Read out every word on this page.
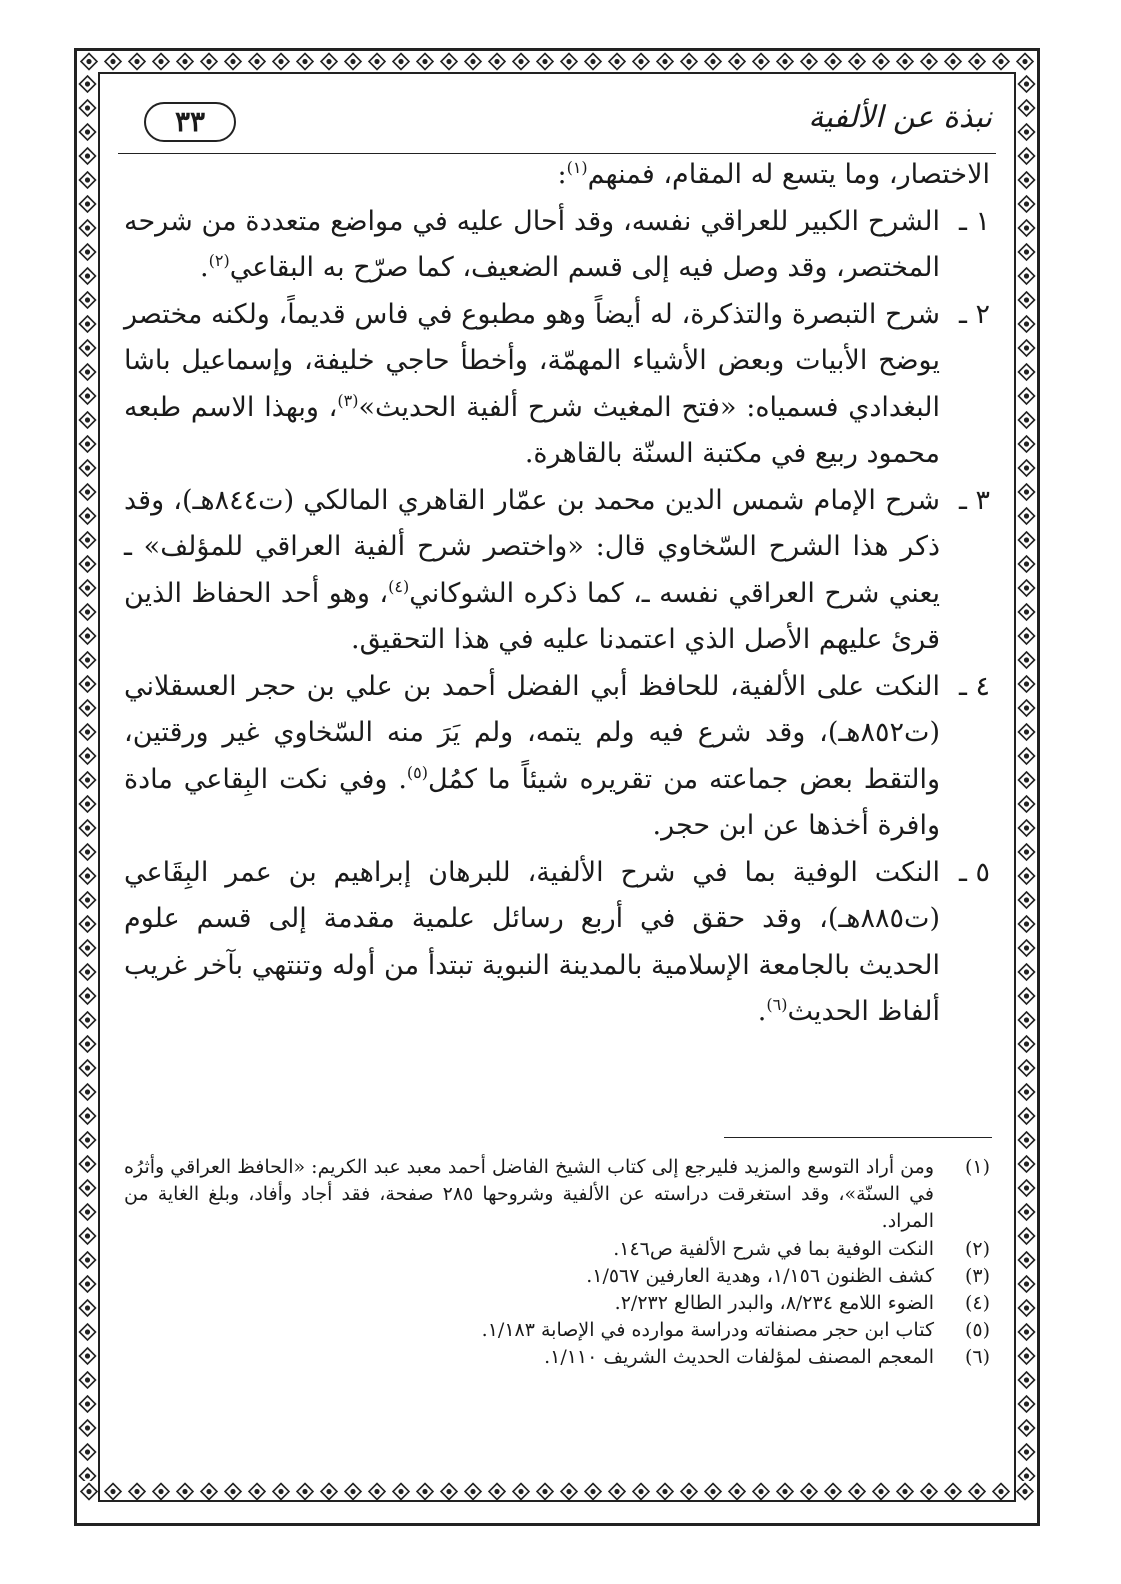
٣٣	نبذة عن الألفية

الاختصار، وما يتسع له المقام، فمنهم$^{(١)}$:

١ ـ
الشرح الكبير للعراقي نفسه، وقد أحال عليه في مواضع متعددة من شرحه المختصر، وقد وصل فيه إلى قسم الضعيف، كما صرّح به البقاعي$^{(٢)}$.
٢ ـ
شرح التبصرة والتذكرة، له أيضاً وهو مطبوع في فاس قديماً، ولكنه مختصر يوضح الأبيات وبعض الأشياء المهمّة، وأخطأ حاجي خليفة، وإسماعيل باشا البغدادي فسمياه: «فتح المغيث شرح ألفية الحديث»$^{(٣)}$، وبهذا الاسم طبعه محمود ربيع في مكتبة السنّة بالقاهرة.
٣ ـ
شرح الإمام شمس الدين محمد بن عمّار القاهري المالكي (ت٨٤٤هـ)، وقد ذكر هذا الشرح السّخاوي قال: «واختصر شرح ألفية العراقي للمؤلف» ـ يعني شرح العراقي نفسه ـ، كما ذكره الشوكاني$^{(٤)}$، وهو أحد الحفاظ الذين قرئ عليهم الأصل الذي اعتمدنا عليه في هذا التحقيق.
٤ ـ
النكت على الألفية، للحافظ أبي الفضل أحمد بن علي بن حجر العسقلاني (ت٨٥٢هـ)، وقد شرع فيه ولم يتمه، ولم يَرَ منه السّخاوي غير ورقتين، والتقط بعض جماعته من تقريره شيئاً ما كمُل$^{(٥)}$. وفي نكت البِقاعي مادة وافرة أخذها عن ابن حجر.
٥ ـ
النكت الوفية بما في شرح الألفية، للبرهان إبراهيم بن عمر البِقَاعي (ت٨٨٥هـ)، وقد حقق في أربع رسائل علمية مقدمة إلى قسم علوم الحديث بالجامعة الإسلامية بالمدينة النبوية تبتدأ من أوله وتنتهي بآخر غريب ألفاظ الحديث$^{(٦)}$.
(١)
ومن أراد التوسع والمزيد فليرجع إلى كتاب الشيخ الفاضل أحمد معبد عبد الكريم: «الحافظ العراقي وأثرُه في السنّة»، وقد استغرقت دراسته عن الألفية وشروحها ٢٨٥ صفحة، فقد أجاد وأفاد، وبلغ الغاية من المراد.
(٢)
النكت الوفية بما في شرح الألفية ص١٤٦.
(٣)
كشف الظنون ١/١٥٦، وهدية العارفين ١/٥٦٧.
(٤)
الضوء اللامع ٨/٢٣٤، والبدر الطالع ٢/٢٣٢.
(٥)
كتاب ابن حجر مصنفاته ودراسة موارده في الإصابة ١/١٨٣.
(٦)
المعجم المصنف لمؤلفات الحديث الشريف ١/١١٠.
